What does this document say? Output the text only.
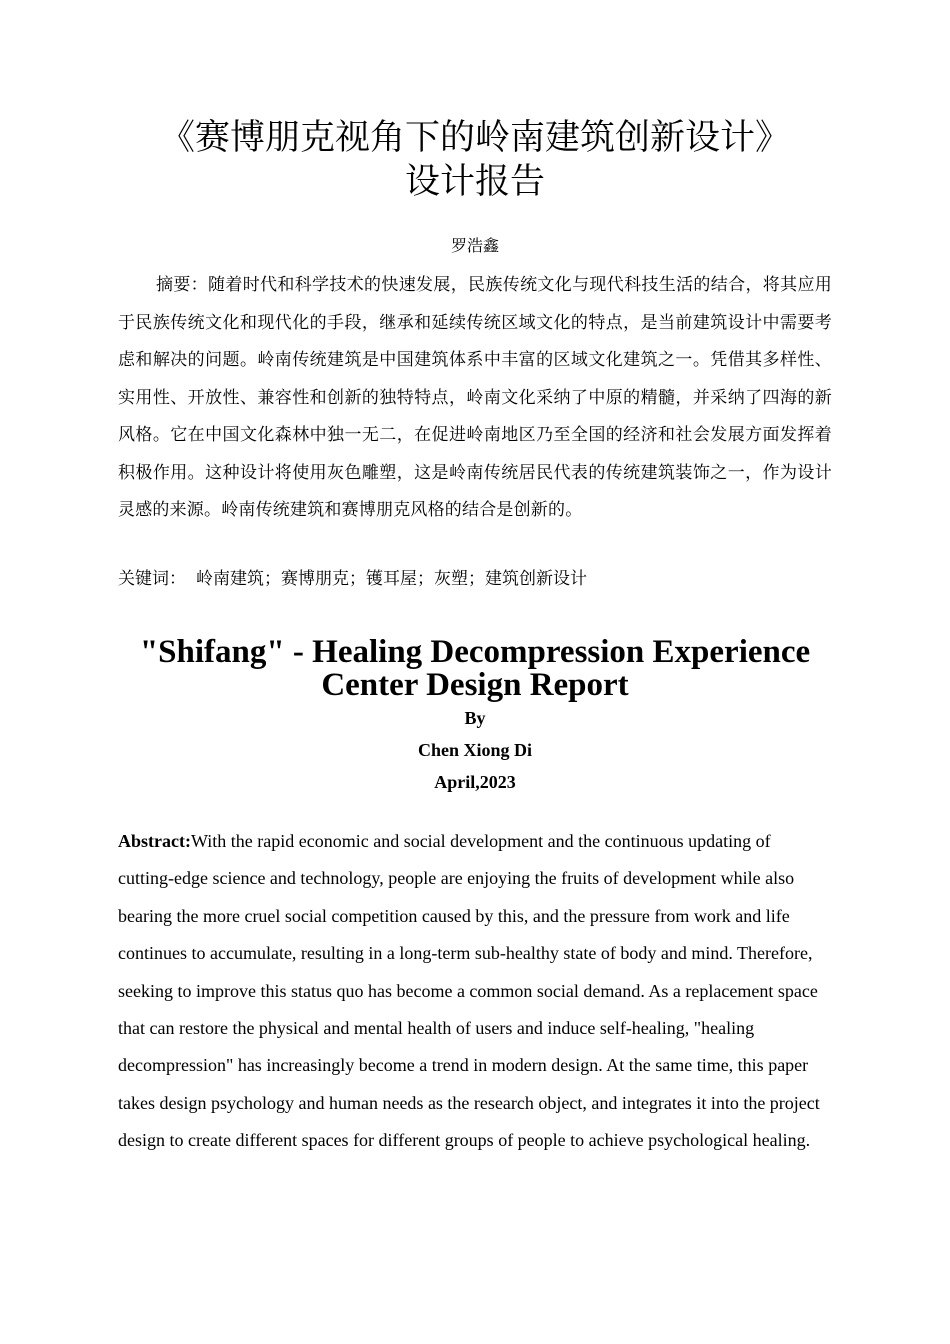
《赛博朋克视角下的岭南建筑创新设计》
设计报告
罗浩鑫

摘要：随着时代和科学技术的快速发展，民族传统文化与现代科技生活的结合，将其应用于民族传统文化和现代化的手段，继承和延续传统区域文化的特点，是当前建筑设计中需要考虑和解决的问题。岭南传统建筑是中国建筑体系中丰富的区域文化建筑之一。凭借其多样性、实用性、开放性、兼容性和创新的独特特点，岭南文化采纳了中原的精髓，并采纳了四海的新风格。它在中国文化森林中独一无二，在促进岭南地区乃至全国的经济和社会发展方面发挥着积极作用。这种设计将使用灰色雕塑，这是岭南传统居民代表的传统建筑装饰之一，作为设计灵感的来源。岭南传统建筑和赛博朋克风格的结合是创新的。

关键词： 岭南建筑；赛博朋克；镬耳屋；灰塑；建筑创新设计
"Shifang" - Healing Decompression Experience
Center Design Report
By
Chen Xiong Di
April,2023

Abstract:With the rapid economic and social development and the continuous updating of cutting-edge science and technology, people are enjoying the fruits of development while also bearing the more cruel social competition caused by this, and the pressure from work and life continues to accumulate, resulting in a long-term sub-healthy state of body and mind. Therefore, seeking to improve this status quo has become a common social demand. As a replacement space that can restore the physical and mental health of users and induce self-healing, "healing decompression" has increasingly become a trend in modern design. At the same time, this paper takes design psychology and human needs as the research object, and integrates it into the project design to create different spaces for different groups of people to achieve psychological healing.
